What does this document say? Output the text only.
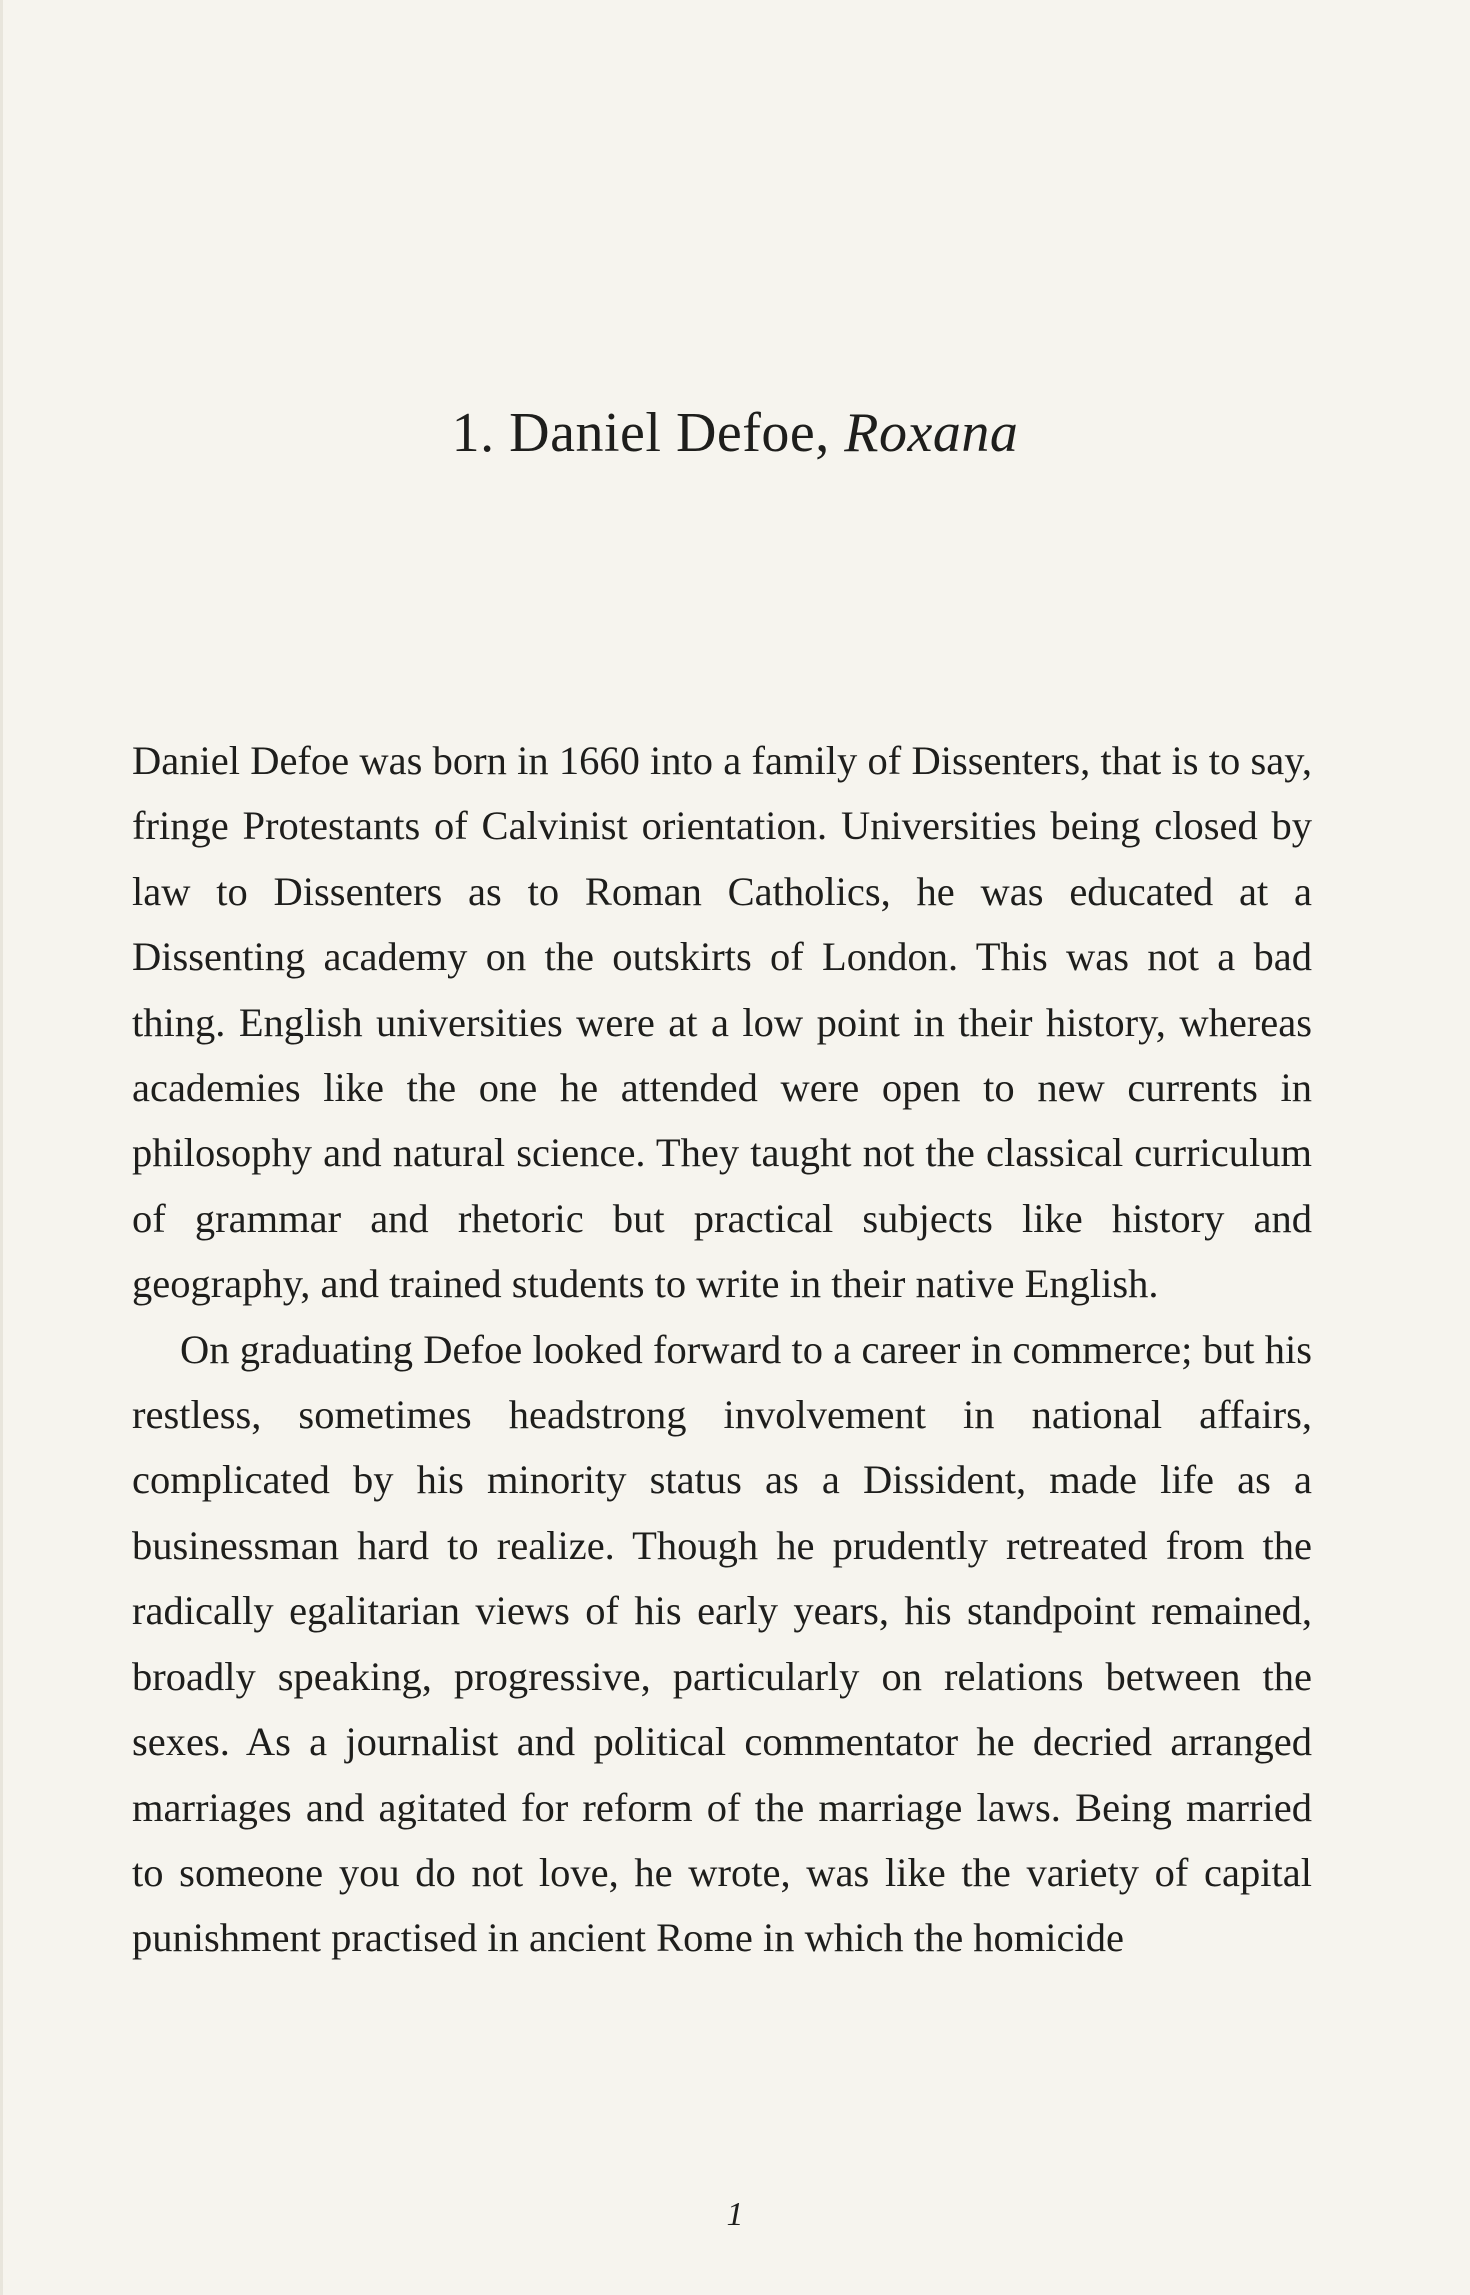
1. Daniel Defoe, Roxana

Daniel Defoe was born in 1660 into a family of Dissenters, that is to say, fringe Protestants of Calvinist orientation. Universities being closed by law to Dissenters as to Roman Catholics, he was educated at a Dissenting academy on the outskirts of London. This was not a bad thing. English universities were at a low point in their history, whereas academies like the one he attended were open to new currents in philosophy and natural science. They taught not the classical curriculum of grammar and rhetoric but practical subjects like history and geography, and trained students to write in their native English.

On graduating Defoe looked forward to a career in commerce; but his restless, sometimes headstrong involvement in national affairs, complicated by his minority status as a Dissident, made life as a businessman hard to realize. Though he prudently retreated from the radically egalitarian views of his early years, his standpoint remained, broadly speaking, progressive, particularly on relations between the sexes. As a journalist and political commentator he decried arranged marriages and agitated for reform of the marriage laws. Being married to someone you do not love, he wrote, was like the variety of capital punishment practised in ancient Rome in which the homicide

1
